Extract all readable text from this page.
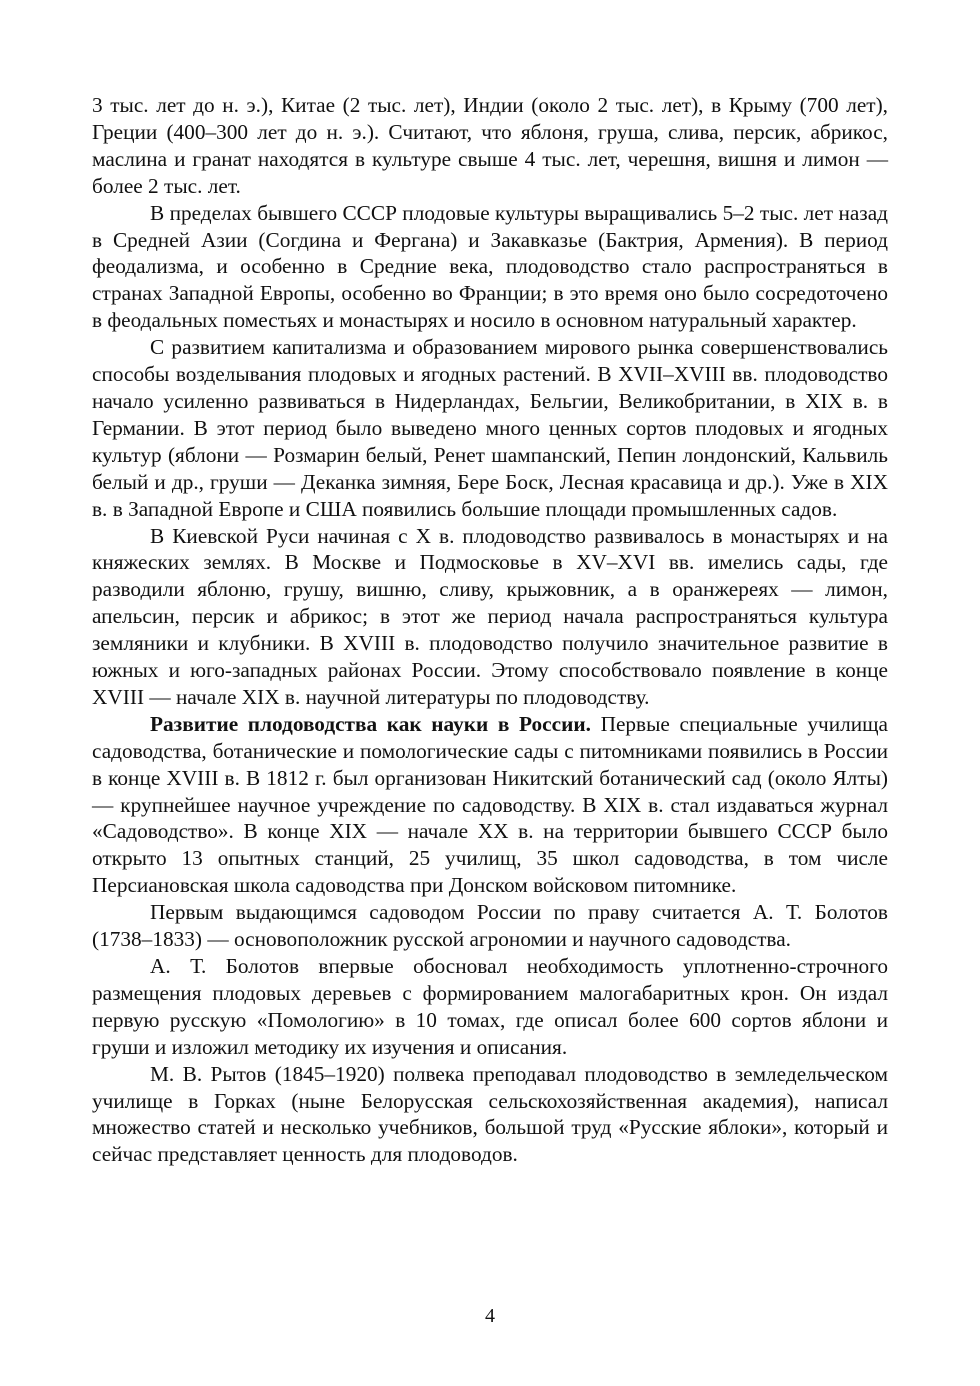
3 тыс. лет до н. э.), Китае (2 тыс. лет), Индии (около 2 тыс. лет), в Крыму (700 лет), Греции (400–300 лет до н. э.). Считают, что яблоня, груша, слива, персик, абрикос, маслина и гранат находятся в культуре свыше 4 тыс. лет, черешня, вишня и лимон — более 2 тыс. лет.

В пределах бывшего СССР плодовые культуры выращивались 5–2 тыс. лет назад в Средней Азии (Согдина и Фергана) и Закавказье (Бактрия, Армения). В период феодализма, и особенно в Средние века, плодоводство стало распространяться в странах Западной Европы, особенно во Франции; в это время оно было сосредоточено в феодальных поместьях и монастырях и носило в основном натуральный характер.

С развитием капитализма и образованием мирового рынка совершенствовались способы возделывания плодовых и ягодных растений. В XVII–XVIII вв. плодоводство начало усиленно развиваться в Нидерландах, Бельгии, Великобритании, в XIX в. в Германии. В этот период было выведено много ценных сортов плодовых и ягодных культур (яблони — Розмарин белый, Ренет шампанский, Пепин лондонский, Кальвиль белый и др., груши — Деканка зимняя, Бере Боск, Лесная красавица и др.). Уже в XIX в. в Западной Европе и США появились большие площади промышленных садов.

В Киевской Руси начиная с X в. плодоводство развивалось в монастырях и на княжеских землях. В Москве и Подмосковье в XV–XVI вв. имелись сады, где разводили яблоню, грушу, вишню, сливу, крыжовник, а в оранжереях — лимон, апельсин, персик и абрикос; в этот же период начала распространяться культура земляники и клубники. В XVIII в. плодоводство получило значительное развитие в южных и юго-западных районах России. Этому способствовало появление в конце XVIII — начале XIX в. научной литературы по плодоводству.

Развитие плодоводства как науки в России. Первые специальные училища садоводства, ботанические и помологические сады с питомниками появились в России в конце XVIII в. В 1812 г. был организован Никитский ботанический сад (около Ялты) — крупнейшее научное учреждение по садоводству. В XIX в. стал издаваться журнал «Садоводство». В конце XIX — начале XX в. на территории бывшего СССР было открыто 13 опытных станций, 25 училищ, 35 школ садоводства, в том числе Персиановская школа садоводства при Донском войсковом питомнике.

Первым выдающимся садоводом России по праву считается А. Т. Болотов (1738–1833) — основоположник русской агрономии и научного садоводства.

А. Т. Болотов впервые обосновал необходимость уплотненно-строчного размещения плодовых деревьев с формированием малогабаритных крон. Он издал первую русскую «Помологию» в 10 томах, где описал более 600 сортов яблони и груши и изложил методику их изучения и описания.

М. В. Рытов (1845–1920) полвека преподавал плодоводство в земледельческом училище в Горках (ныне Белорусская сельскохозяйственная академия), написал множество статей и несколько учебников, большой труд «Русские яблоки», который и сейчас представляет ценность для плодоводов.

4
